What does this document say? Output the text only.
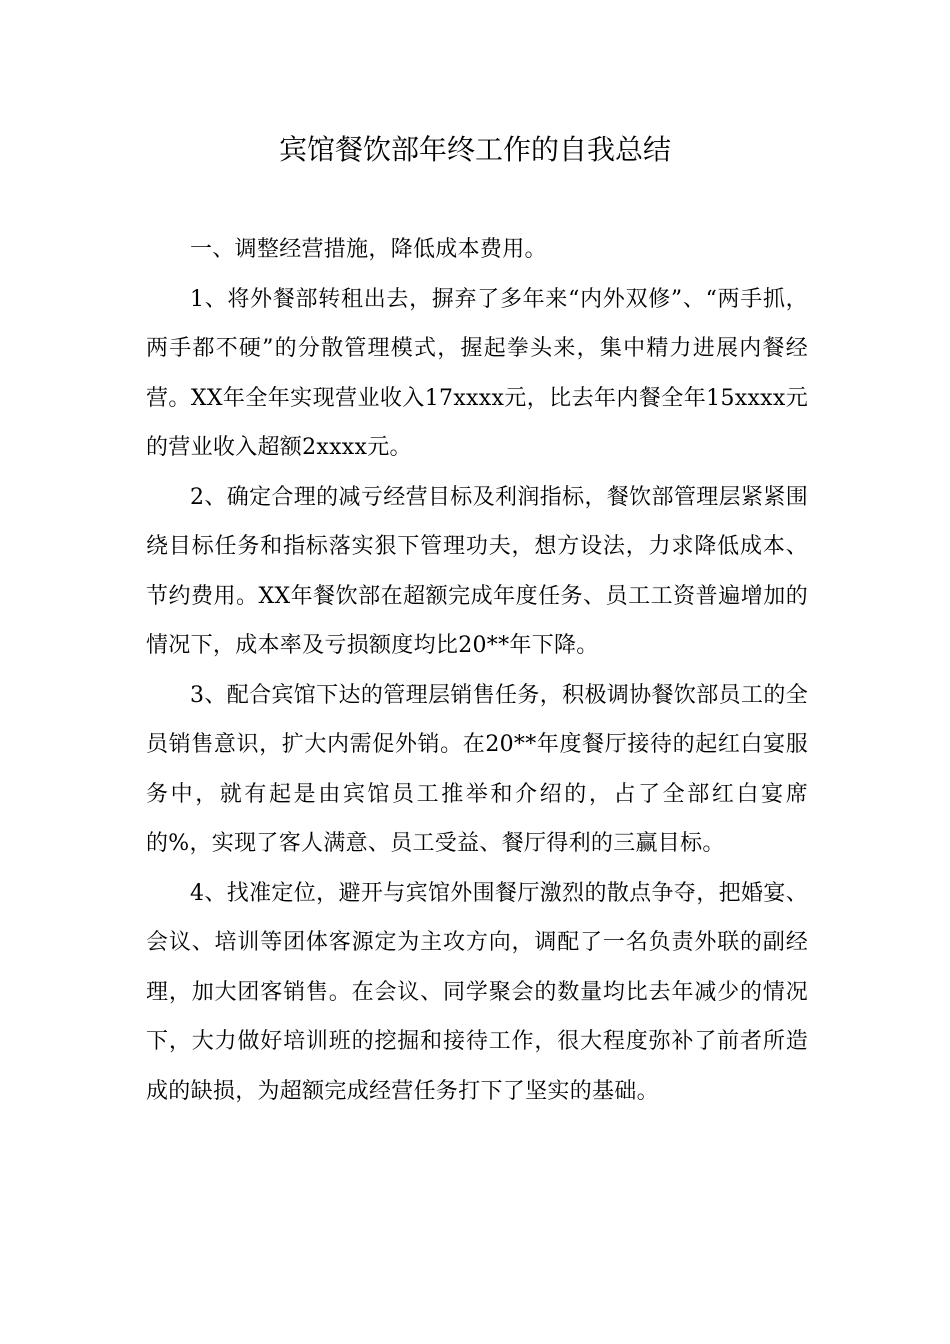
宾馆餐饮部年终工作的自我总结

一、调整经营措施，降低成本费用。

1、将外餐部转租出去，摒弃了多年来“内外双修”、“两手抓，两手都不硬”的分散管理模式，握起拳头来，集中精力进展内餐经营。XX年全年实现营业收入17xxxx元，比去年内餐全年15xxxx元的营业收入超额2xxxx元。

2、确定合理的减亏经营目标及利润指标，餐饮部管理层紧紧围绕目标任务和指标落实狠下管理功夫，想方设法，力求降低成本、节约费用。XX年餐饮部在超额完成年度任务、员工工资普遍增加的情况下，成本率及亏损额度均比20**年下降。

3、配合宾馆下达的管理层销售任务，积极调协餐饮部员工的全员销售意识，扩大内需促外销。在20**年度餐厅接待的起红白宴服务中，就有起是由宾馆员工推举和介绍的，占了全部红白宴席的%，实现了客人满意、员工受益、餐厅得利的三赢目标。

4、找准定位，避开与宾馆外围餐厅激烈的散点争夺，把婚宴、会议、培训等团体客源定为主攻方向，调配了一名负责外联的副经理，加大团客销售。在会议、同学聚会的数量均比去年减少的情况下，大力做好培训班的挖掘和接待工作，很大程度弥补了前者所造成的缺损，为超额完成经营任务打下了坚实的基础。
